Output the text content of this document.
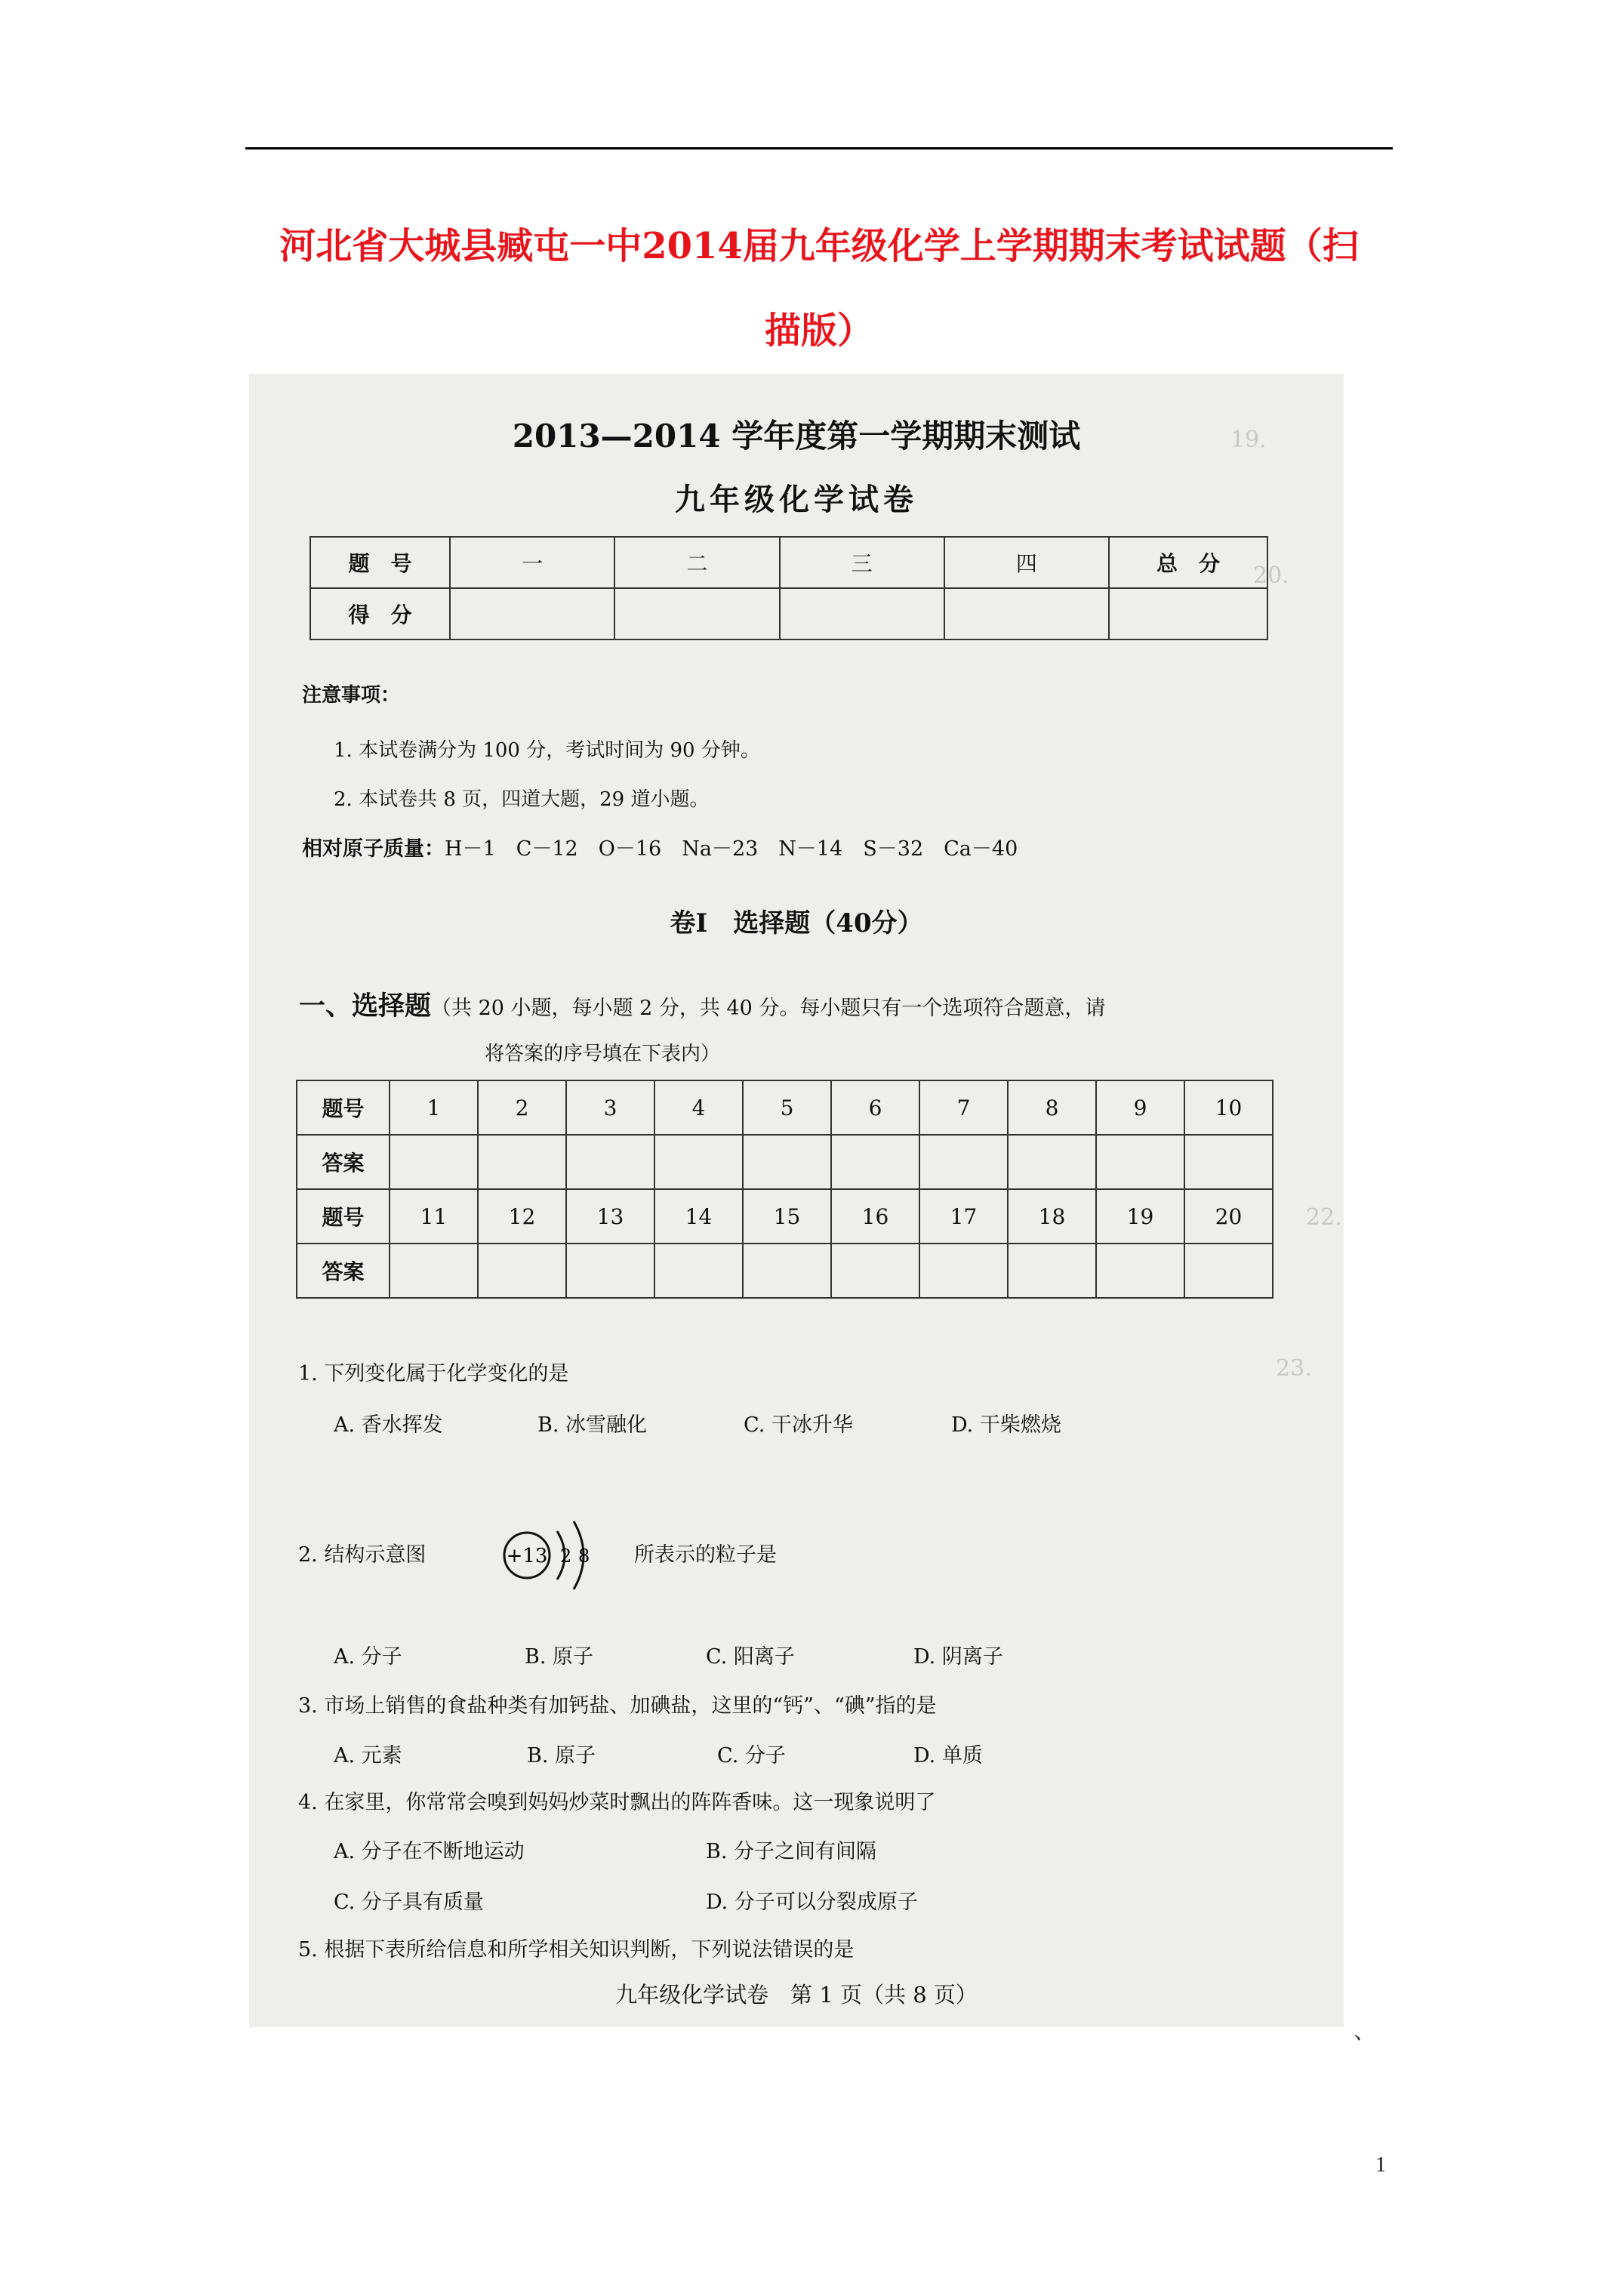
河北省大城县臧屯一中2014届九年级化学上学期期末考试试题（扫
描版）
19.
20.
23.
22.
2013—2014 学年度第一学期期末测试
九年级化学试卷
题　号	一	二	三	四	总　分
得　分					
注意事项：
1. 本试卷满分为 100 分，考试时间为 90 分钟。
2. 本试卷共 8 页，四道大题，29 道小题。
相对原子质量：H－1　C－12　O－16　Na－23　N－14　S－32　Ca－40
卷Ⅰ　选择题（40分）
一、选择题（共 20 小题，每小题 2 分，共 40 分。每小题只有一个选项符合题意，请
将答案的序号填在下表内）
题号	1	2	3	4	5	6	7	8	9	10
答案										
题号	11	12	13	14	15	16	17	18	19	20
答案										
1. 下列变化属于化学变化的是
A. 香水挥发	B. 冰雪融化	C. 干冰升华	D. 干柴燃烧
2. 结构示意图	+13 2 8 所表示的粒子是
A. 分子	B. 原子	C. 阳离子	D. 阴离子
3. 市场上销售的食盐种类有加钙盐、加碘盐，这里的“钙”、“碘”指的是
A. 元素	B. 原子	C. 分子	D. 单质
4. 在家里，你常常会嗅到妈妈炒菜时飘出的阵阵香味。这一现象说明了
A. 分子在不断地运动	B. 分子之间有间隔
C. 分子具有质量	D. 分子可以分裂成原子
5. 根据下表所给信息和所学相关知识判断，下列说法错误的是
九年级化学试卷　第 1 页（共 8 页）
、
1
